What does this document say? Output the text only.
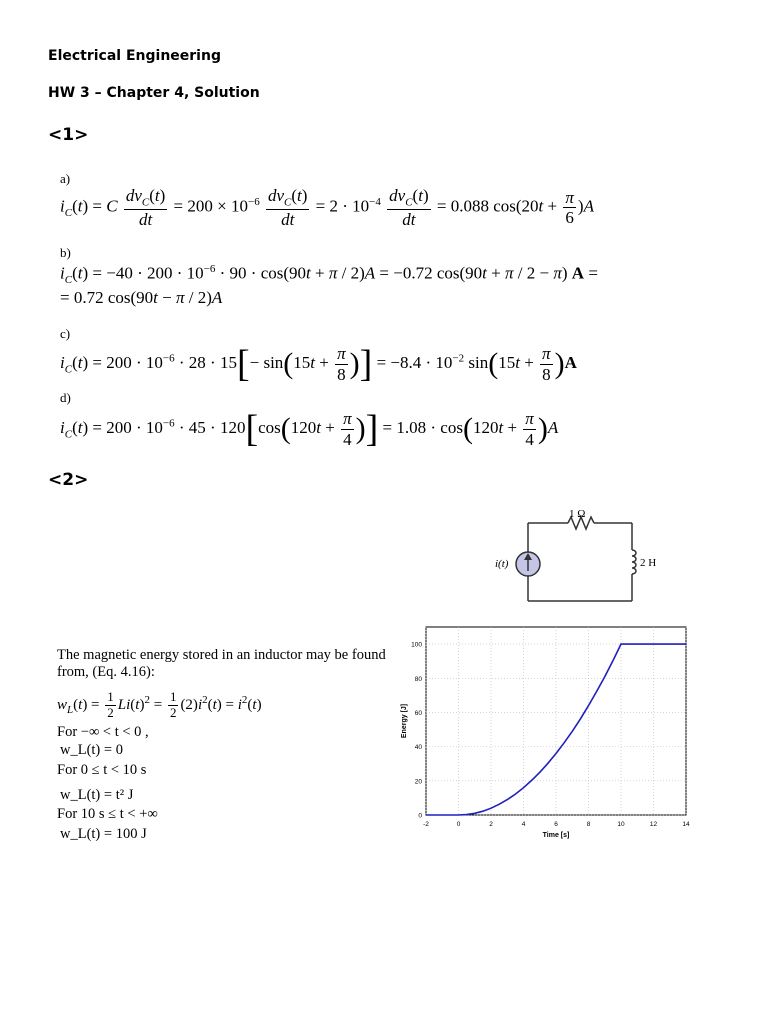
Electrical Engineering
HW 3 – Chapter 4, Solution
<1>
a)
b)
c)
d)
$i_C(t) = C \frac{dv_C(t)}{dt} = 200 \times 10^{-6} \frac{dv_C(t)}{dt} = 2 \cdot 10^{-4} \frac{dv_C(t)}{dt} = 0.088$ $\cos(20t + \frac{\pi}{6} )A$
$i_C(t) = -40 \cdot 200 \cdot 10^{-6} \cdot 90 \cdot \cos(90t + \pi / 2)A = -0.72$ cos(90t + π / 2 − π) A =
= 0.72 cos(90t − π / 2)A
$i_C(t) = 200 \cdot 10^{-6} \cdot 28 \cdot 15[- \sin(15t + \frac{\pi}{8}$ )] = $-8.4 \cdot 10^{-2}$ $\sin(15t + \frac{\pi}{8} )A$
$i_C(t) = 200 \cdot 10^{-6} \cdot 45 \cdot 120[\cos(120t + \frac{\pi}{4}$ )] = $1.08 \cdot \cos(120t + \frac{\pi}{4} )A$
<2>
1 Ω
2 H
i(t)
The magnetic energy stored in an inductor may be found
from, (Eq. 4.16):
$w_L(t) = \frac{1}{2} Li(t)^2 = \frac{1}{2} (2)i^2(t) = i^2(t)$
For −∞ < t < 0 ,
w_L(t) = 0
For 0 ≤ t < 10 s
w_L(t) = t² J
For 10 s ≤ t < +∞
w_L(t) = 100 J
-2	0	2	4	6	8	10	12	14
0
20
40
60
80
100
Time [s]
Energy [J]
